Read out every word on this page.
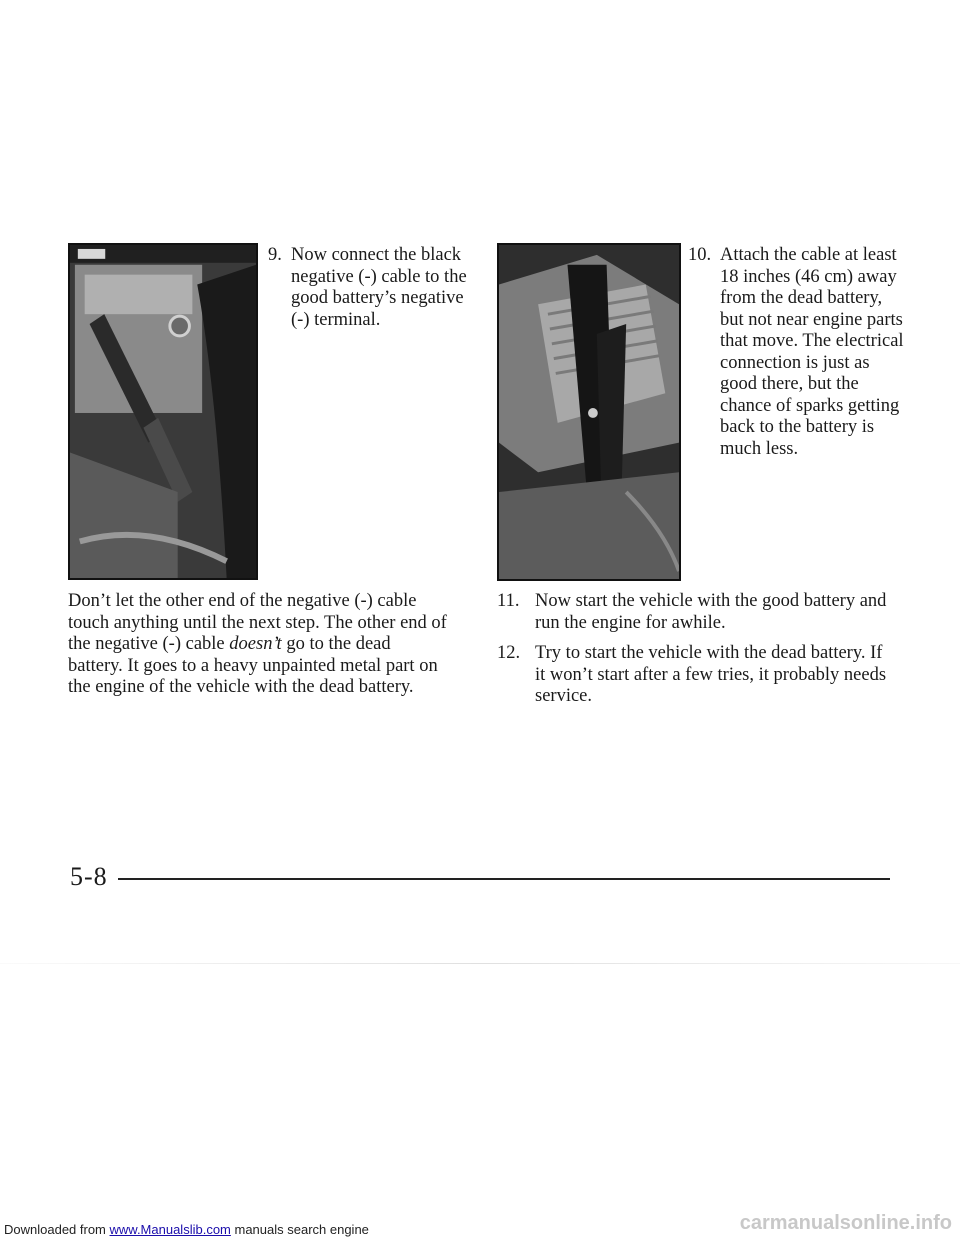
9. Now connect the black negative (-) cable to the good battery’s negative (-) terminal.
10. Attach the cable at least 18 inches (46 cm) away from the dead battery, but not near engine parts that move. The electrical connection is just as good there, but the chance of sparks getting back to the battery is much less.
Don’t let the other end of the negative (-) cable touch anything until the next step. The other end of the negative (-) cable doesn’t go to the dead battery. It goes to a heavy unpainted metal part on the engine of the vehicle with the dead battery.
11. Now start the vehicle with the good battery and run the engine for awhile.
12. Try to start the vehicle with the dead battery. If it won’t start after a few tries, it probably needs service.
5-8
Downloaded from www.Manualslib.com manuals search engine	carmanualsonline.info
